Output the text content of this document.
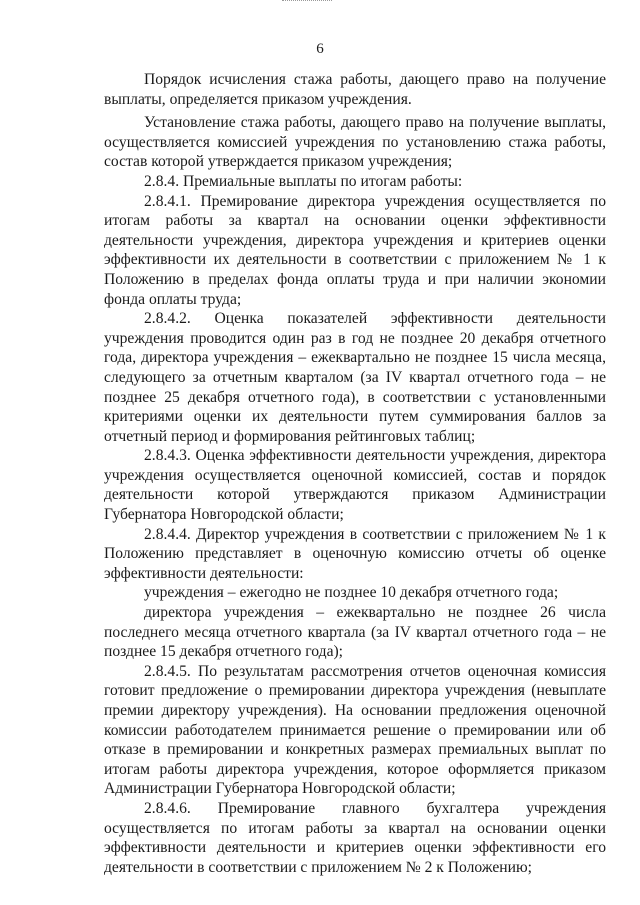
6

Порядок исчисления стажа работы, дающего право на получение выплаты, определяется приказом учреждения.

Установление стажа работы, дающего право на получение выплаты, осуществляется комиссией учреждения по установлению стажа работы, состав которой утверждается приказом учреждения;

2.8.4. Премиальные выплаты по итогам работы:

2.8.4.1. Премирование директора учреждения осуществляется по итогам работы за квартал на основании оценки эффективности деятельности учреждения, директора учреждения и критериев оценки эффективности их деятельности в соответствии с приложением № 1 к Положению в пределах фонда оплаты труда и при наличии экономии фонда оплаты труда;

2.8.4.2. Оценка показателей эффективности деятельности учреждения проводится один раз в год не позднее 20 декабря отчетного года, директора учреждения – ежеквартально не позднее 15 числа месяца, следующего за отчетным кварталом (за IV квартал отчетного года – не позднее 25 декабря отчетного года), в соответствии с установленными критериями оценки их деятельности путем суммирования баллов за отчетный период и формирования рейтинговых таблиц;

2.8.4.3. Оценка эффективности деятельности учреждения, директора учреждения осуществляется оценочной комиссией, состав и порядок деятельности которой утверждаются приказом Администрации Губернатора Новгородской области;

2.8.4.4. Директор учреждения в соответствии с приложением № 1 к Положению представляет в оценочную комиссию отчеты об оценке эффективности деятельности:

учреждения – ежегодно не позднее 10 декабря отчетного года;

директора учреждения – ежеквартально не позднее 26 числа последнего месяца отчетного квартала (за IV квартал отчетного года – не позднее 15 декабря отчетного года);

2.8.4.5. По результатам рассмотрения отчетов оценочная комиссия готовит предложение о премировании директора учреждения (невыплате премии директору учреждения). На основании предложения оценочной комиссии работодателем принимается решение о премировании или об отказе в премировании и конкретных размерах премиальных выплат по итогам работы директора учреждения, которое оформляется приказом Администрации Губернатора Новгородской области;

2.8.4.6. Премирование главного бухгалтера учреждения осуществляется по итогам работы за квартал на основании оценки эффективности деятельности и критериев оценки эффективности его деятельности в соответствии с приложением № 2 к Положению;
